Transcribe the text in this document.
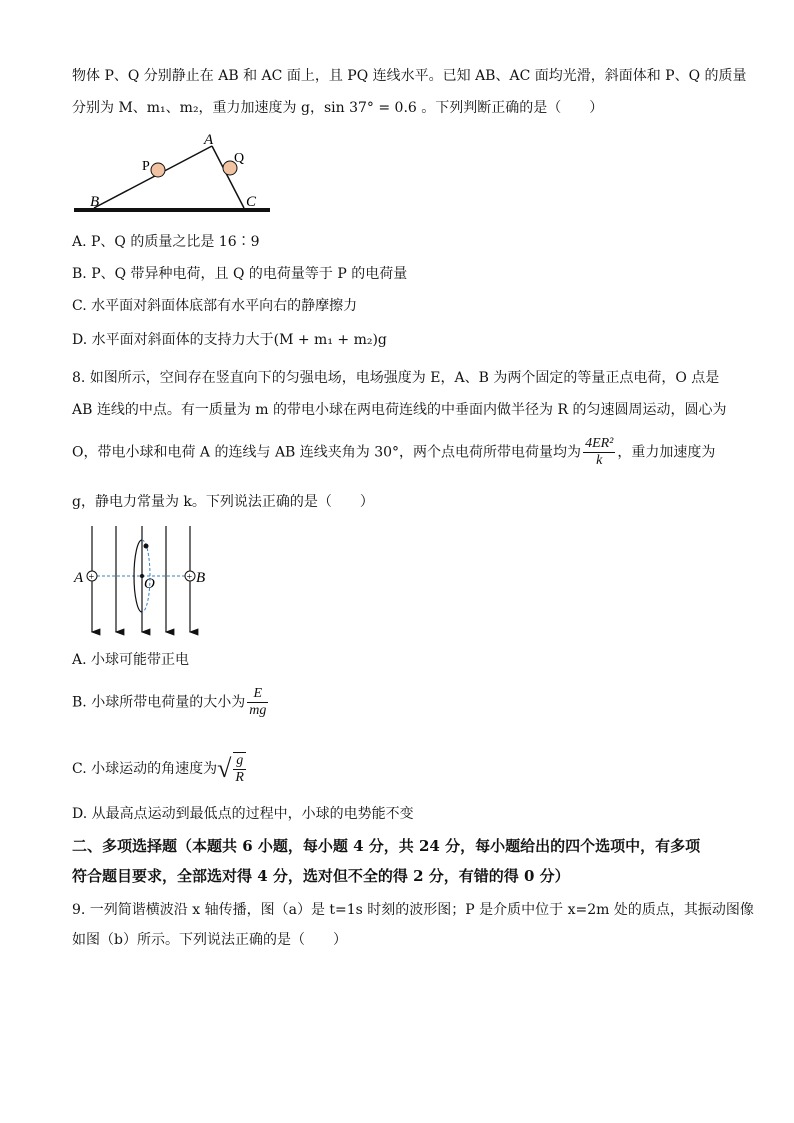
物体 P、Q 分别静止在 AB 和 AC 面上，且 PQ 连线水平。已知 AB、AC 面均光滑，斜面体和 P、Q 的质量
分别为 M、m₁、m₂，重力加速度为 g，sin 37° = 0.6 。下列判断正确的是（　　）
A
B	C
P
Q
A. P、Q 的质量之比是 16∶9
B. P、Q 带异种电荷，且 Q 的电荷量等于 P 的电荷量
C. 水平面对斜面体底部有水平向右的静摩擦力
D. 水平面对斜面体的支持力大于(M + m₁ + m₂)g
8. 如图所示，空间存在竖直向下的匀强电场，电场强度为 E，A、B 为两个固定的等量正点电荷，O 点是
AB 连线的中点。有一质量为 m 的带电小球在两电荷连线的中垂面内做半径为 R 的匀速圆周运动，圆心为
O，带电小球和电荷 A 的连线与 AB 连线夹角为 30°，两个点电荷所带电荷量均为 $\frac{\text{4ER²}}{k}$ ，重力加速度为
g，静电力常量为 k。下列说法正确的是（　　）
+	+
A	B
O
A. 小球可能带正电
B. 小球所带电荷量的大小为 $\frac{E}{mg}$
C. 小球运动的角速度为√ $\frac{g}{R}$
D. 从最高点运动到最低点的过程中，小球的电势能不变
二、多项选择题（本题共 6 小题，每小题 4 分，共 24 分，每小题给出的四个选项中，有多项
符合题目要求，全部选对得 4 分，选对但不全的得 2 分，有错的得 0 分）
9. 一列简谐横波沿 x 轴传播，图（a）是 t=1s 时刻的波形图；P 是介质中位于 x=2m 处的质点，其振动图像
如图（b）所示。下列说法正确的是（　　）
